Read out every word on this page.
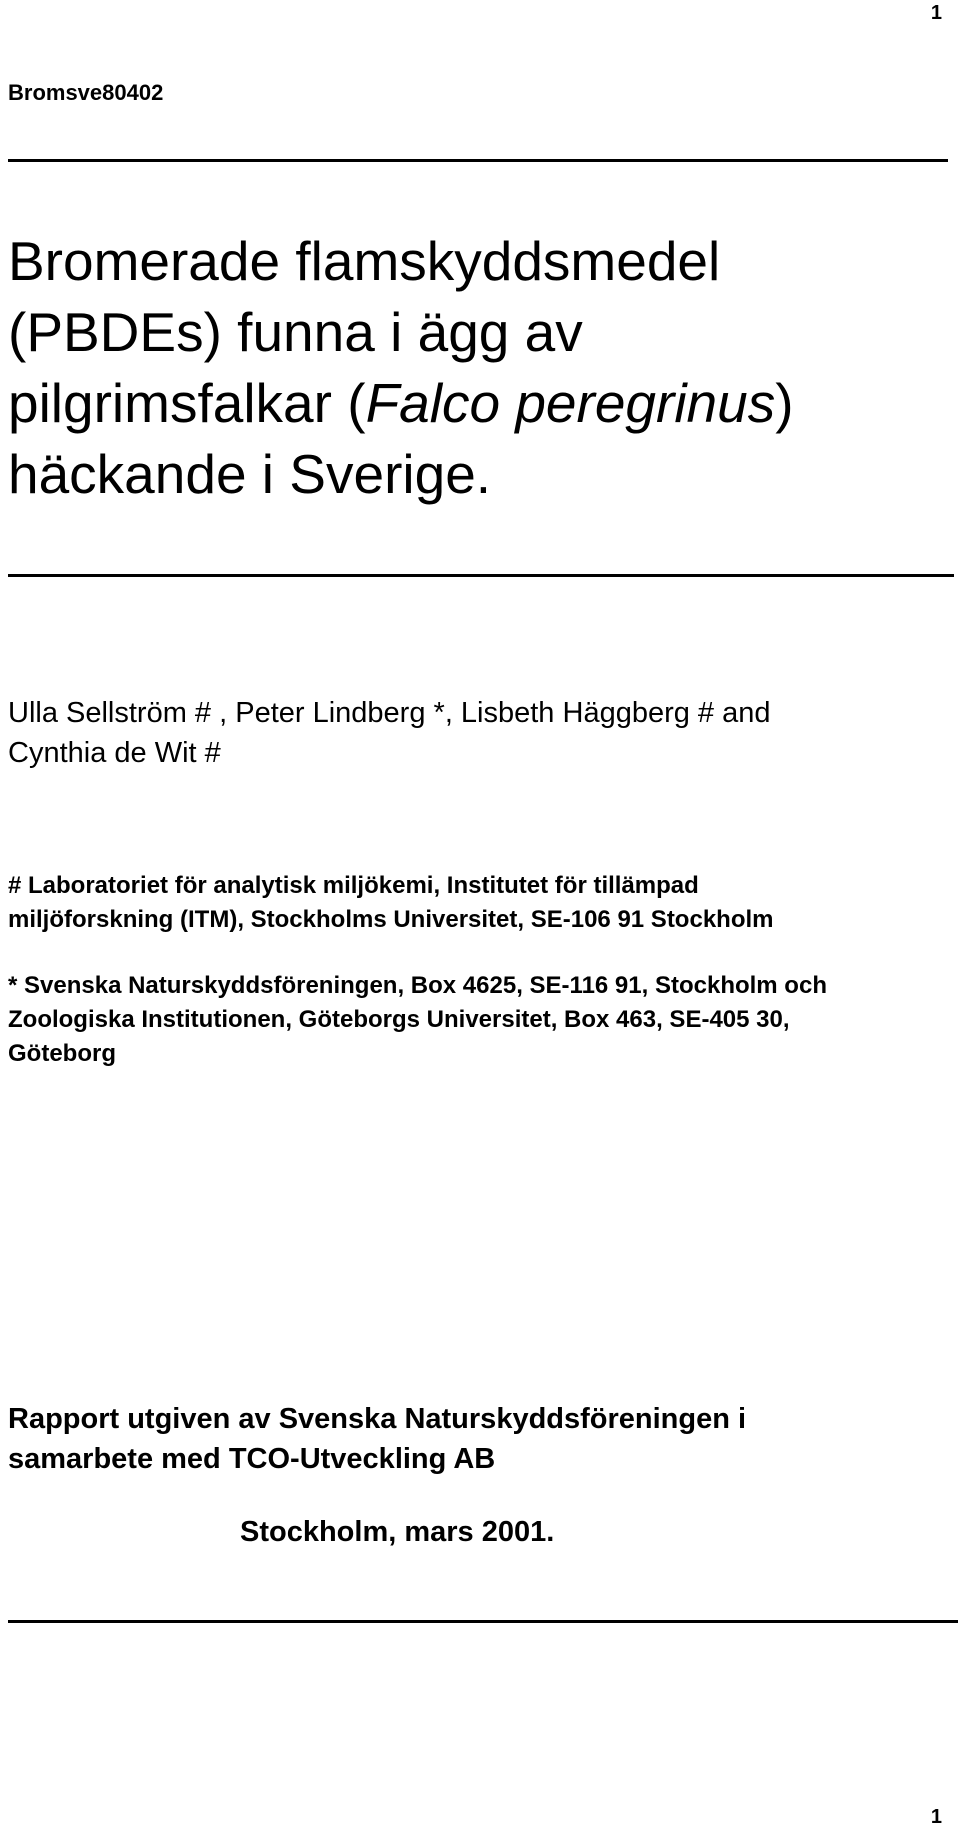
1
Bromsve80402
Bromerade flamskyddsmedel
(PBDEs) funna i ägg av
pilgrimsfalkar (Falco peregrinus)
häckande i Sverige.
Ulla Sellström # , Peter Lindberg *, Lisbeth Häggberg # and
Cynthia de Wit #
# Laboratoriet för analytisk miljökemi, Institutet för tillämpad
miljöforskning (ITM), Stockholms Universitet, SE-106 91 Stockholm
* Svenska Naturskyddsföreningen, Box 4625, SE-116 91, Stockholm och
Zoologiska Institutionen, Göteborgs Universitet, Box 463, SE-405 30,
Göteborg
Rapport utgiven av Svenska Naturskyddsföreningen i
samarbete med TCO-Utveckling AB
Stockholm, mars 2001.
1
